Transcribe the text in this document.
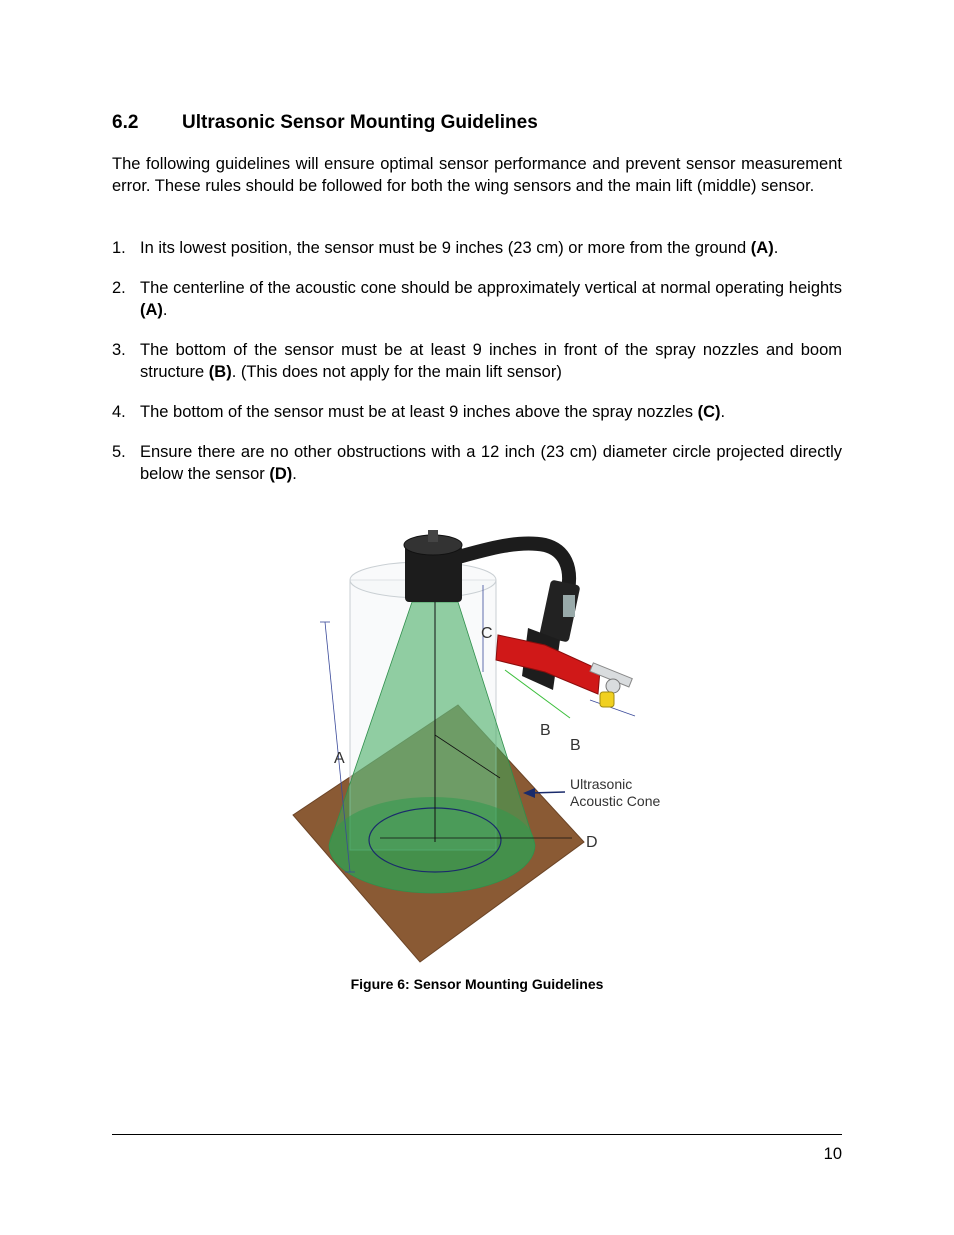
6.2 Ultrasonic Sensor Mounting Guidelines

The following guidelines will ensure optimal sensor performance and prevent sensor measurement error. These rules should be followed for both the wing sensors and the main lift (middle) sensor.

1. In its lowest position, the sensor must be 9 inches (23 cm) or more from the ground (A).
2. The centerline of the acoustic cone should be approximately vertical at normal operating heights (A).
3. The bottom of the sensor must be at least 9 inches in front of the spray nozzles and boom structure (B). (This does not apply for the main lift sensor)
4. The bottom of the sensor must be at least 9 inches above the spray nozzles (C).
5. Ensure there are no other obstructions with a 12 inch (23 cm) diameter circle projected directly below the sensor (D).
A
B
B
C
D
Ultrasonic
Acoustic Cone
Figure 6: Sensor Mounting Guidelines
10
